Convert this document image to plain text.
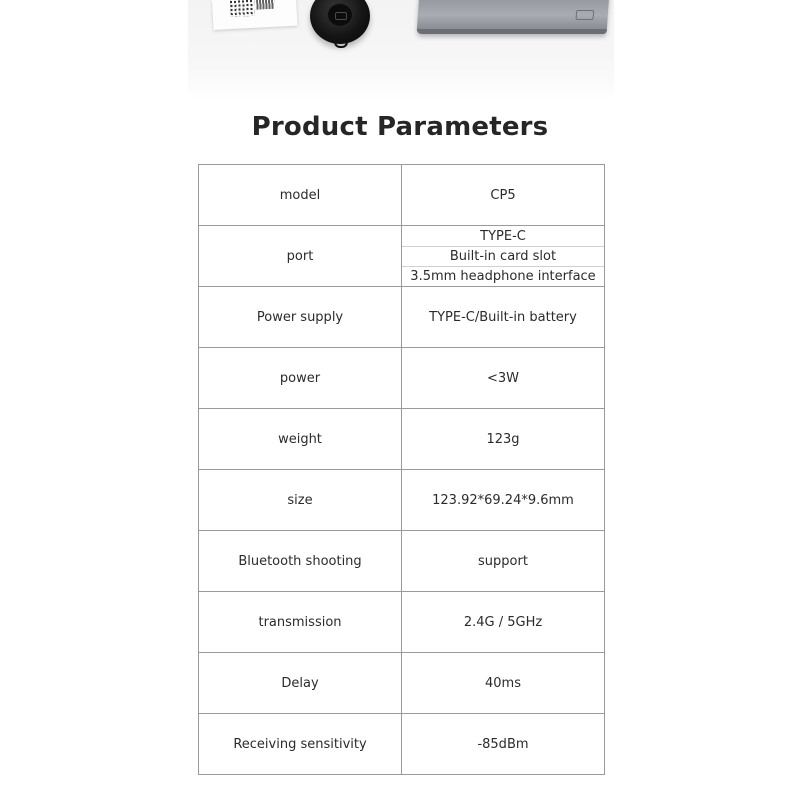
Product Parameters
model	CP5
port	TYPE-C
Built-in card slot
3.5mm headphone interface

Power supply	TYPE-C/Built-in battery
power	<3W
weight	123g
size	123.92*69.24*9.6mm
Bluetooth shooting	support
transmission	2.4G / 5GHz
Delay	40ms
Receiving sensitivity	-85dBm
